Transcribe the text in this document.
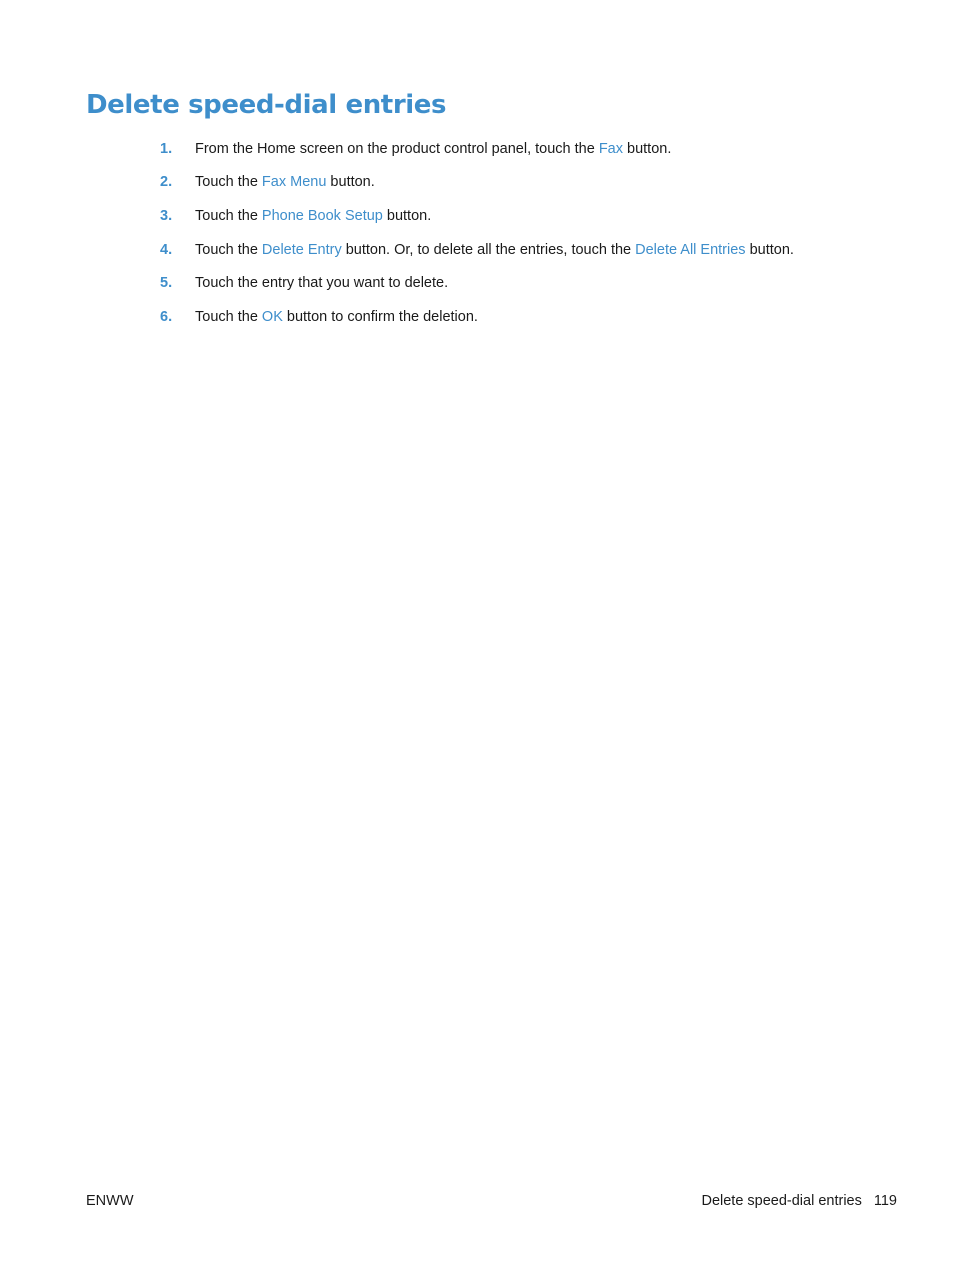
Delete speed-dial entries
1. From the Home screen on the product control panel, touch the Fax button.
2. Touch the Fax Menu button.
3. Touch the Phone Book Setup button.
4. Touch the Delete Entry button. Or, to delete all the entries, touch the Delete All Entries button.
5. Touch the entry that you want to delete.
6. Touch the OK button to confirm the deletion.
ENWW	Delete speed-dial entries 119
